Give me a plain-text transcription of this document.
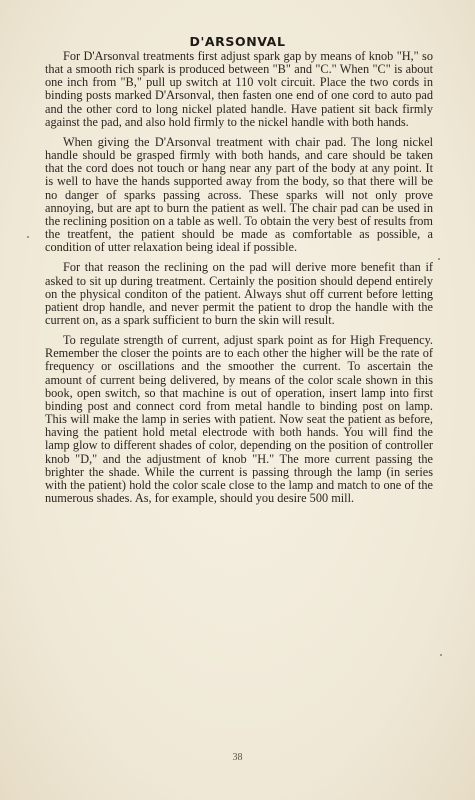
D'ARSONVAL

For D'Arsonval treatments first adjust spark gap by means of knob "H," so that a smooth rich spark is produced between "B" and "C." When "C" is about one inch from "B," pull up switch at 110 volt circuit. Place the two cords in binding posts marked D'Arsonval, then fasten one end of one cord to auto pad and the other cord to long nickel plated handle. Have patient sit back firmly against the pad, and also hold firmly to the nickel handle with both hands.

When giving the D'Arsonval treatment with chair pad. The long nickel handle should be grasped firmly with both hands, and care should be taken that the cord does not touch or hang near any part of the body at any point. It is well to have the hands supported away from the body, so that there will be no danger of sparks passing across. These sparks will not only prove annoying, but are apt to burn the patient as well. The chair pad can be used in the reclining position on a table as well. To obtain the very best of results from the treatfent, the patient should be made as comfortable as possible, a condition of utter relaxation being ideal if possible.

For that reason the reclining on the pad will derive more benefit than if asked to sit up during treatment. Certainly the position should depend entirely on the physical conditon of the patient. Always shut off current before letting patient drop handle, and never permit the patient to drop the handle with the current on, as a spark sufficient to burn the skin will result.

To regulate strength of current, adjust spark point as for High Frequency. Remember the closer the points are to each other the higher will be the rate of frequency or oscillations and the smoother the current. To ascertain the amount of current being delivered, by means of the color scale shown in this book, open switch, so that machine is out of operation, insert lamp into first binding post and connect cord from metal handle to binding post on lamp. This will make the lamp in series with patient. Now seat the patient as before, having the patient hold metal electrode with both hands. You will find the lamp glow to different shades of color, depending on the position of controller knob "D," and the adjustment of knob "H." The more current passing the brighter the shade. While the current is passing through the lamp (in series with the patient) hold the color scale close to the lamp and match to one of the numerous shades. As, for example, should you desire 500 mill.

38
